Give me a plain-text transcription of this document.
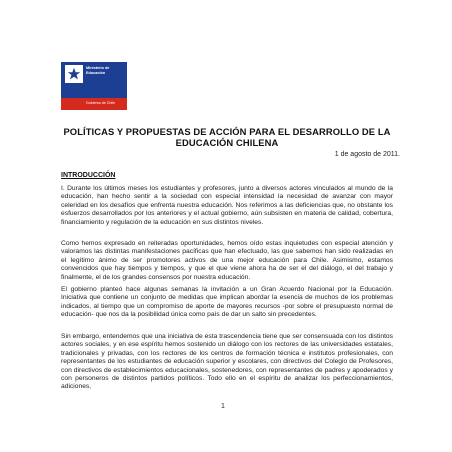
Ministerio de Educación
Gobierno de Chile
POLÍTICAS Y PROPUESTAS DE ACCIÓN PARA EL DESARROLLO DE LA EDUCACIÓN CHILENA
1 de agosto de 2011.
INTRODUCCIÓN

I. Durante los últimos meses los estudiantes y profesores, junto a diversos actores vinculados al mundo de la educación, han hecho sentir a la sociedad con especial intensidad la necesidad de avanzar con mayor celeridad en los desafíos que enfrenta nuestra educación. Nos referimos a las deficiencias que, no obstante los esfuerzos desarrollados por los anteriores y el actual gobierno, aún subsisten en materia de calidad, cobertura, financiamiento y regulación de la educación en sus distintos niveles.

Como hemos expresado en reiteradas oportunidades, hemos oído estas inquietudes con especial atención y valoramos las distintas manifestaciones pacíficas que han efectuado, las que sabemos han sido realizadas en el legítimo ánimo de ser promotores activos de una mejor educación para Chile. Asimismo, estamos convencidos que hay tiempos y tiempos, y que el que viene ahora ha de ser el del diálogo, el del trabajo y finalmente, el de los grandes consensos por nuestra educación.

El gobierno planteó hace algunas semanas la invitación a un Gran Acuerdo Nacional por la Educación. Iniciativa que contiene un conjunto de medidas que implican abordar la esencia de muchos de los problemas indicados, al tiempo que un compromiso de aporte de mayores recursos -por sobre el presupuesto normal de educación- que nos da la posibilidad única como país de dar un salto sin precedentes.

Sin embargo, entendemos que una iniciativa de esta trascendencia tiene que ser consensuada con los distintos actores sociales, y en ese espíritu hemos sostenido un diálogo con los rectores de las universidades estatales, tradicionales y privadas, con los rectores de los centros de formación técnica e institutos profesionales, con representantes de los estudiantes de educación superior y escolares, con directivos del Colegio de Profesores, con directivos de establecimientos educacionales, sostenedores, con representantes de padres y apoderados y con personeros de distintos partidos políticos. Todo ello en el espíritu de analizar los perfeccionamientos, adiciones,

1
